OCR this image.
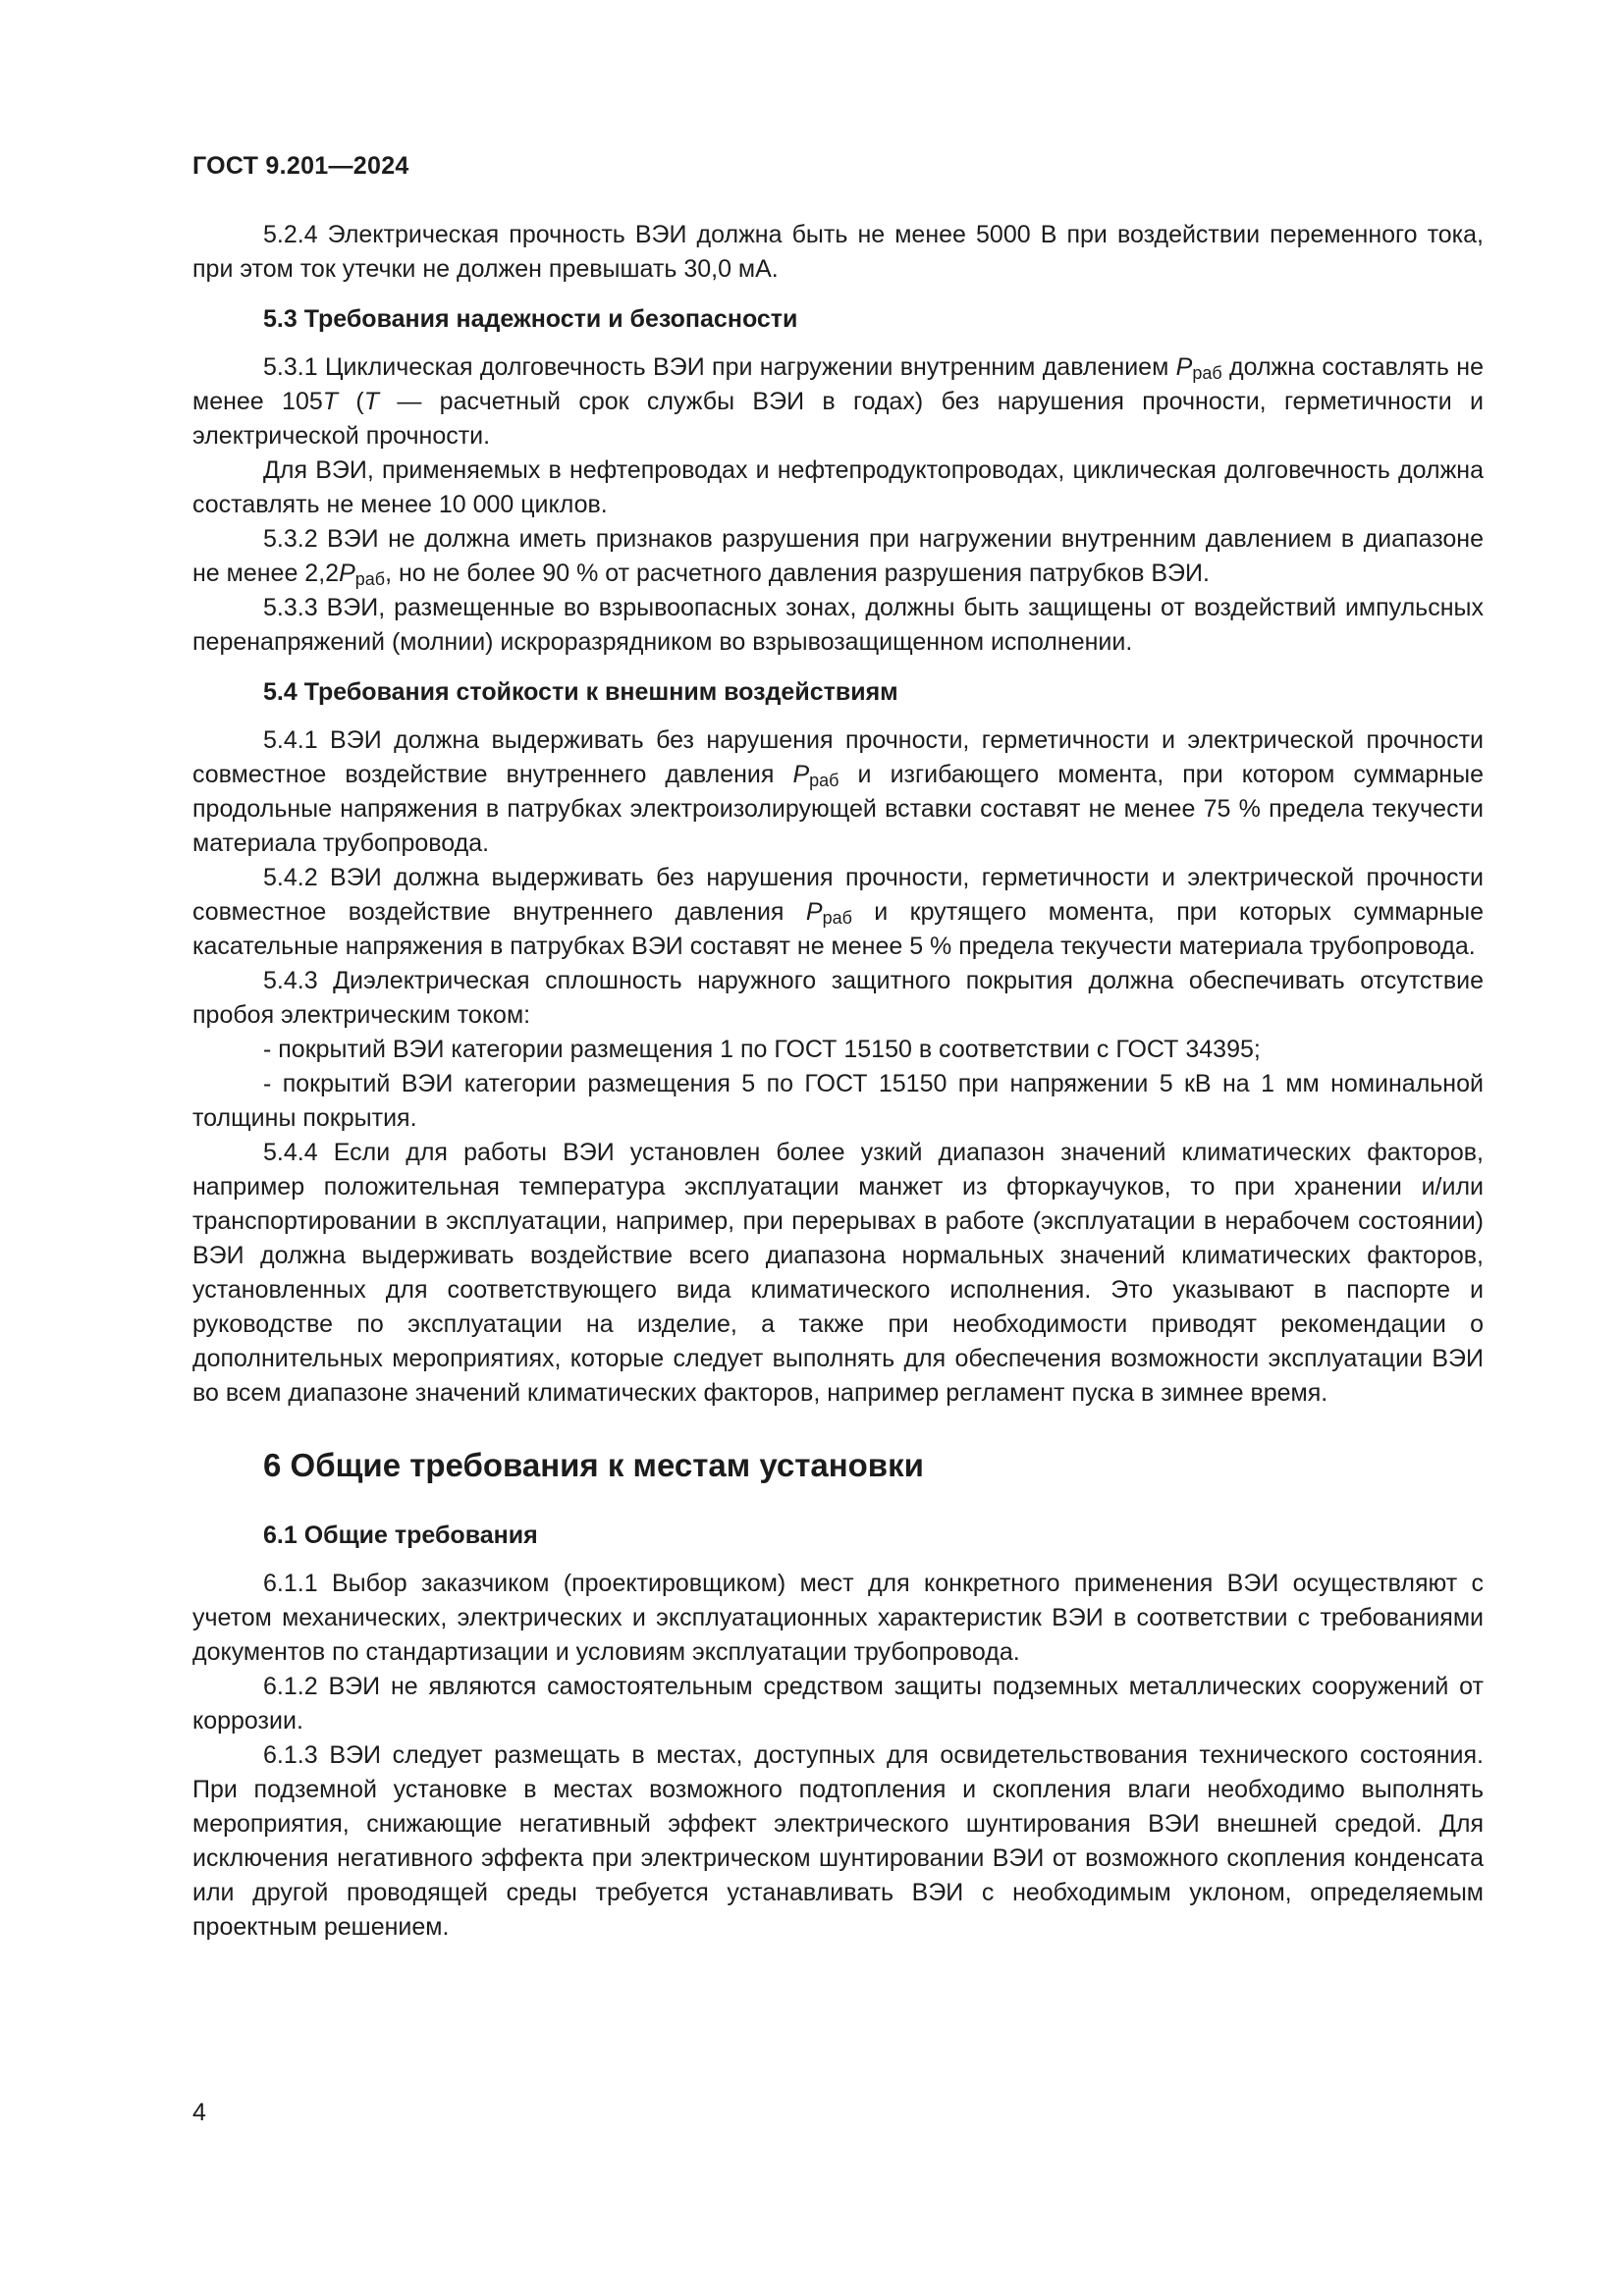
ГОСТ 9.201—2024

5.2.4 Электрическая прочность ВЭИ должна быть не менее 5000 В при воздействии переменного тока, при этом ток утечки не должен превышать 30,0 мА.

5.3 Требования надежности и безопасности

5.3.1 Циклическая долговечность ВЭИ при нагружении внутренним давлением $P_{раб}$ должна составлять не менее 105T (T — расчетный срок службы ВЭИ в годах) без нарушения прочности, герметичности и электрической прочности.

Для ВЭИ, применяемых в нефтепроводах и нефтепродуктопроводах, циклическая долговечность должна составлять не менее 10 000 циклов.

5.3.2 ВЭИ не должна иметь признаков разрушения при нагружении внутренним давлением в диапазоне не менее $2,2P_{раб}$, но не более 90 % от расчетного давления разрушения патрубков ВЭИ.

5.3.3 ВЭИ, размещенные во взрывоопасных зонах, должны быть защищены от воздействий импульсных перенапряжений (молнии) искроразрядником во взрывозащищенном исполнении.

5.4 Требования стойкости к внешним воздействиям

5.4.1 ВЭИ должна выдерживать без нарушения прочности, герметичности и электрической прочности совместное воздействие внутреннего давления $P_{раб}$ и изгибающего момента, при котором суммарные продольные напряжения в патрубках электроизолирующей вставки составят не менее 75 % предела текучести материала трубопровода.

5.4.2 ВЭИ должна выдерживать без нарушения прочности, герметичности и электрической прочности совместное воздействие внутреннего давления $P_{раб}$ и крутящего момента, при которых суммарные касательные напряжения в патрубках ВЭИ составят не менее 5 % предела текучести материала трубопровода.

5.4.3 Диэлектрическая сплошность наружного защитного покрытия должна обеспечивать отсутствие пробоя электрическим током:

- покрытий ВЭИ категории размещения 1 по ГОСТ 15150 в соответствии с ГОСТ 34395;

- покрытий ВЭИ категории размещения 5 по ГОСТ 15150 при напряжении 5 кВ на 1 мм номинальной толщины покрытия.

5.4.4 Если для работы ВЭИ установлен более узкий диапазон значений климатических факторов, например положительная температура эксплуатации манжет из фторкаучуков, то при хранении и/или транспортировании в эксплуатации, например, при перерывах в работе (эксплуатации в нерабочем состоянии) ВЭИ должна выдерживать воздействие всего диапазона нормальных значений климатических факторов, установленных для соответствующего вида климатического исполнения. Это указывают в паспорте и руководстве по эксплуатации на изделие, а также при необходимости приводят рекомендации о дополнительных мероприятиях, которые следует выполнять для обеспечения возможности эксплуатации ВЭИ во всем диапазоне значений климатических факторов, например регламент пуска в зимнее время.

6 Общие требования к местам установки
6.1 Общие требования

6.1.1 Выбор заказчиком (проектировщиком) мест для конкретного применения ВЭИ осуществляют с учетом механических, электрических и эксплуатационных характеристик ВЭИ в соответствии с требованиями документов по стандартизации и условиям эксплуатации трубопровода.

6.1.2 ВЭИ не являются самостоятельным средством защиты подземных металлических сооружений от коррозии.

6.1.3 ВЭИ следует размещать в местах, доступных для освидетельствования технического состояния. При подземной установке в местах возможного подтопления и скопления влаги необходимо выполнять мероприятия, снижающие негативный эффект электрического шунтирования ВЭИ внешней средой. Для исключения негативного эффекта при электрическом шунтировании ВЭИ от возможного скопления конденсата или другой проводящей среды требуется устанавливать ВЭИ с необходимым уклоном, определяемым проектным решением.

4
